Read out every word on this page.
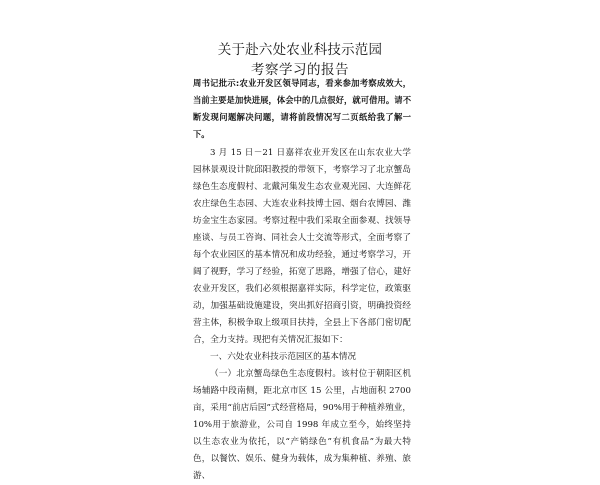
关于赴六处农业科技示范园
考察学习的报告

周书记批示:农业开发区领导同志，看来参加考察成效大，当前主要是加快进展，体会中的几点很好，就可借用。请不断发现问题解决问题，请将前段情况写二页纸给我了解一下。

3 月 15 日－21 日嘉祥农业开发区在山东农业大学园林景观设计院邱阳教授的带领下，考察学习了北京蟹岛绿色生态度假村、北戴河集发生态农业观光园、大连鲜花农庄绿色生态园、大连农业科技博士园、烟台农博园、潍坊金宝生态家园。考察过程中我们采取全面参观、找领导座谈、与员工咨询、同社会人士交流等形式，全面考察了每个农业园区的基本情况和成功经验，通过考察学习，开阔了视野，学习了经验，拓宽了思路，增强了信心，建好农业开发区，我们必须根据嘉祥实际，科学定位，政策驱动，加强基础设施建设，突出抓好招商引资，明确投资经营主体，积极争取上级项目扶持，全县上下各部门密切配合，全力支持。现把有关情况汇报如下：

一、六处农业科技示范园区的基本情况

（一）北京蟹岛绿色生态度假村。该村位于朝阳区机场辅路中段南侧，距北京市区 15 公里，占地面积 2700 亩，采用“前店后园”式经营格局，90%用于种植养殖业，10%用于旅游业，公司自 1998 年成立至今，始终坚持以生态农业为依托，以“产销绿色”有机食品”为最大特色，以餐饮、娱乐、健身为载体，成为集种植、养殖、旅游、
